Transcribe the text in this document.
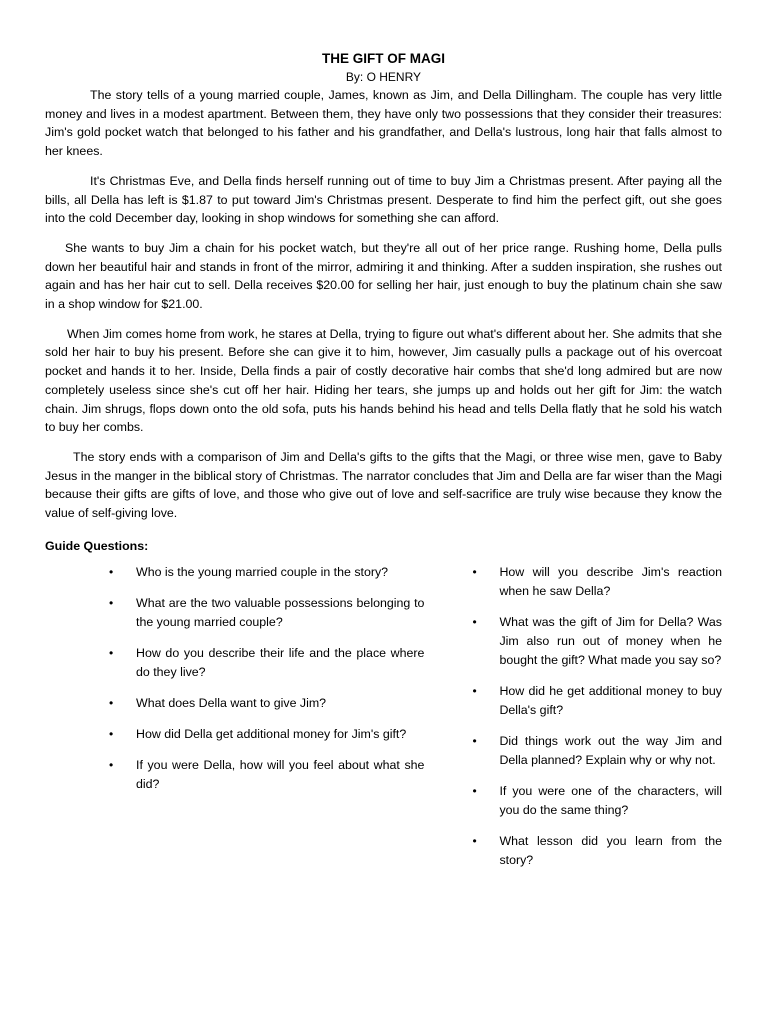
THE GIFT OF MAGI

By: O HENRY

The story tells of a young married couple, James, known as Jim, and Della Dillingham. The couple has very little money and lives in a modest apartment. Between them, they have only two possessions that they consider their treasures: Jim's gold pocket watch that belonged to his father and his grandfather, and Della's lustrous, long hair that falls almost to her knees.

It's Christmas Eve, and Della finds herself running out of time to buy Jim a Christmas present. After paying all the bills, all Della has left is $1.87 to put toward Jim's Christmas present. Desperate to find him the perfect gift, out she goes into the cold December day, looking in shop windows for something she can afford.

She wants to buy Jim a chain for his pocket watch, but they're all out of her price range. Rushing home, Della pulls down her beautiful hair and stands in front of the mirror, admiring it and thinking. After a sudden inspiration, she rushes out again and has her hair cut to sell. Della receives $20.00 for selling her hair, just enough to buy the platinum chain she saw in a shop window for $21.00.

When Jim comes home from work, he stares at Della, trying to figure out what's different about her. She admits that she sold her hair to buy his present. Before she can give it to him, however, Jim casually pulls a package out of his overcoat pocket and hands it to her. Inside, Della finds a pair of costly decorative hair combs that she'd long admired but are now completely useless since she's cut off her hair. Hiding her tears, she jumps up and holds out her gift for Jim: the watch chain. Jim shrugs, flops down onto the old sofa, puts his hands behind his head and tells Della flatly that he sold his watch to buy her combs.

The story ends with a comparison of Jim and Della's gifts to the gifts that the Magi, or three wise men, gave to Baby Jesus in the manger in the biblical story of Christmas. The narrator concludes that Jim and Della are far wiser than the Magi because their gifts are gifts of love, and those who give out of love and self-sacrifice are truly wise because they know the value of self-giving love.

Guide Questions:
• Who is the young married couple in the story?
• What are the two valuable possessions belonging to the young married couple?
• How do you describe their life and the place where do they live?
• What does Della want to give Jim?
• How did Della get additional money for Jim's gift?
• If you were Della, how will you feel about what she did?
• How will you describe Jim's reaction when he saw Della?
• What was the gift of Jim for Della? Was Jim also run out of money when he bought the gift? What made you say so?
• How did he get additional money to buy Della's gift?
• Did things work out the way Jim and Della planned? Explain why or why not.
• If you were one of the characters, will you do the same thing?
• What lesson did you learn from the story?
